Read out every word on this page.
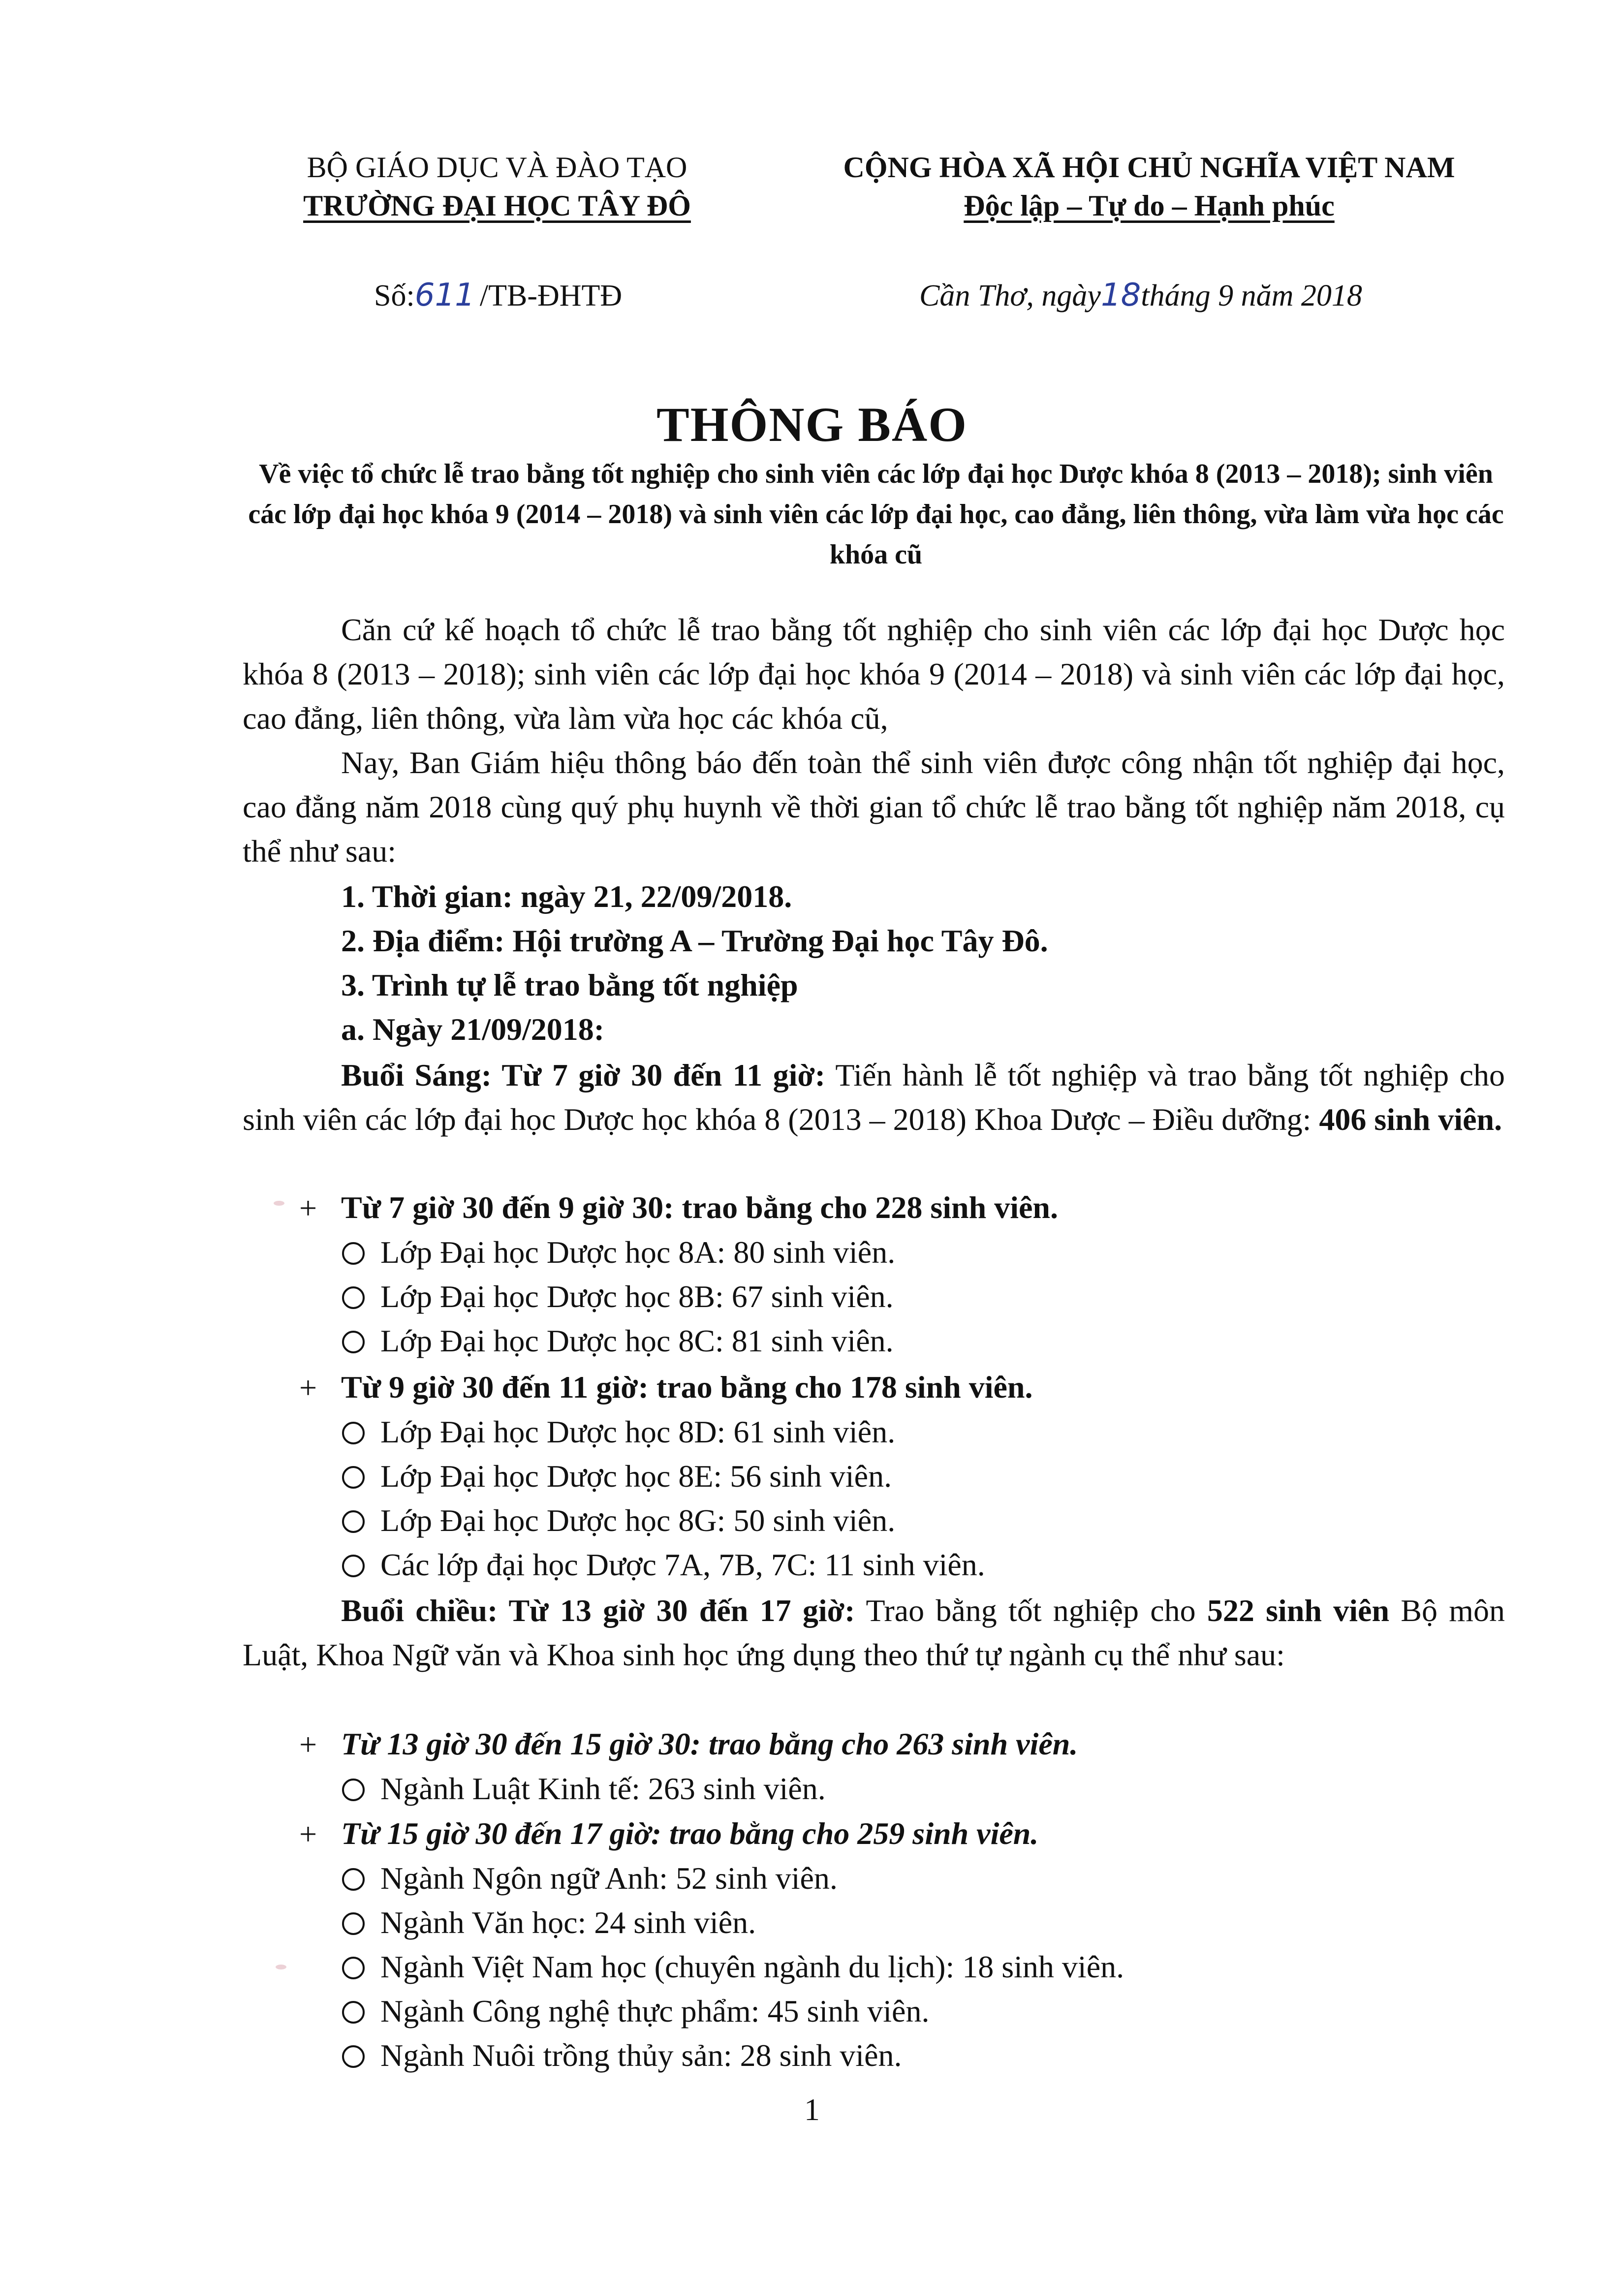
BỘ GIÁO DỤC VÀ ĐÀO TẠO
TRƯỜNG ĐẠI HỌC TÂY ĐÔ
CỘNG HÒA XÃ HỘI CHỦ NGHĨA VIỆT NAM
Độc lập – Tự do – Hạnh phúc
Số:611 /TB-ĐHTĐ	Cần Thơ, ngày18tháng 9 năm 2018
THÔNG BÁO
Về việc tổ chức lễ trao bằng tốt nghiệp cho sinh viên các lớp đại học Dược khóa 8 (2013 – 2018); sinh viên các lớp đại học khóa 9 (2014 – 2018) và sinh viên các lớp đại học, cao đẳng, liên thông, vừa làm vừa học các khóa cũ
Căn cứ kế hoạch tổ chức lễ trao bằng tốt nghiệp cho sinh viên các lớp đại học Dược học khóa 8 (2013 – 2018); sinh viên các lớp đại học khóa 9 (2014 – 2018) và sinh viên các lớp đại học, cao đẳng, liên thông, vừa làm vừa học các khóa cũ,
Nay, Ban Giám hiệu thông báo đến toàn thể sinh viên được công nhận tốt nghiệp đại học, cao đẳng năm 2018 cùng quý phụ huynh về thời gian tổ chức lễ trao bằng tốt nghiệp năm 2018, cụ thể như sau:
1. Thời gian: ngày 21, 22/09/2018.
2. Địa điểm: Hội trường A – Trường Đại học Tây Đô.
3. Trình tự lễ trao bằng tốt nghiệp
a. Ngày 21/09/2018:
Buổi Sáng: Từ 7 giờ 30 đến 11 giờ: Tiến hành lễ tốt nghiệp và trao bằng tốt nghiệp cho sinh viên các lớp đại học Dược học khóa 8 (2013 – 2018) Khoa Dược – Điều dưỡng: 406 sinh viên.
+ Từ 7 giờ 30 đến 9 giờ 30: trao bằng cho 228 sinh viên.
Lớp Đại học Dược học 8A: 80 sinh viên.
Lớp Đại học Dược học 8B: 67 sinh viên.
Lớp Đại học Dược học 8C: 81 sinh viên.
+ Từ 9 giờ 30 đến 11 giờ: trao bằng cho 178 sinh viên.
Lớp Đại học Dược học 8D: 61 sinh viên.
Lớp Đại học Dược học 8E: 56 sinh viên.
Lớp Đại học Dược học 8G: 50 sinh viên.
Các lớp đại học Dược 7A, 7B, 7C: 11 sinh viên.
Buổi chiều: Từ 13 giờ 30 đến 17 giờ: Trao bằng tốt nghiệp cho 522 sinh viên Bộ môn Luật, Khoa Ngữ văn và Khoa sinh học ứng dụng theo thứ tự ngành cụ thể như sau:
+ Từ 13 giờ 30 đến 15 giờ 30: trao bằng cho 263 sinh viên.
Ngành Luật Kinh tế: 263 sinh viên.
+ Từ 15 giờ 30 đến 17 giờ: trao bằng cho 259 sinh viên.
Ngành Ngôn ngữ Anh: 52 sinh viên.
Ngành Văn học: 24 sinh viên.
Ngành Việt Nam học (chuyên ngành du lịch): 18 sinh viên.
Ngành Công nghệ thực phẩm: 45 sinh viên.
Ngành Nuôi trồng thủy sản: 28 sinh viên.
1
